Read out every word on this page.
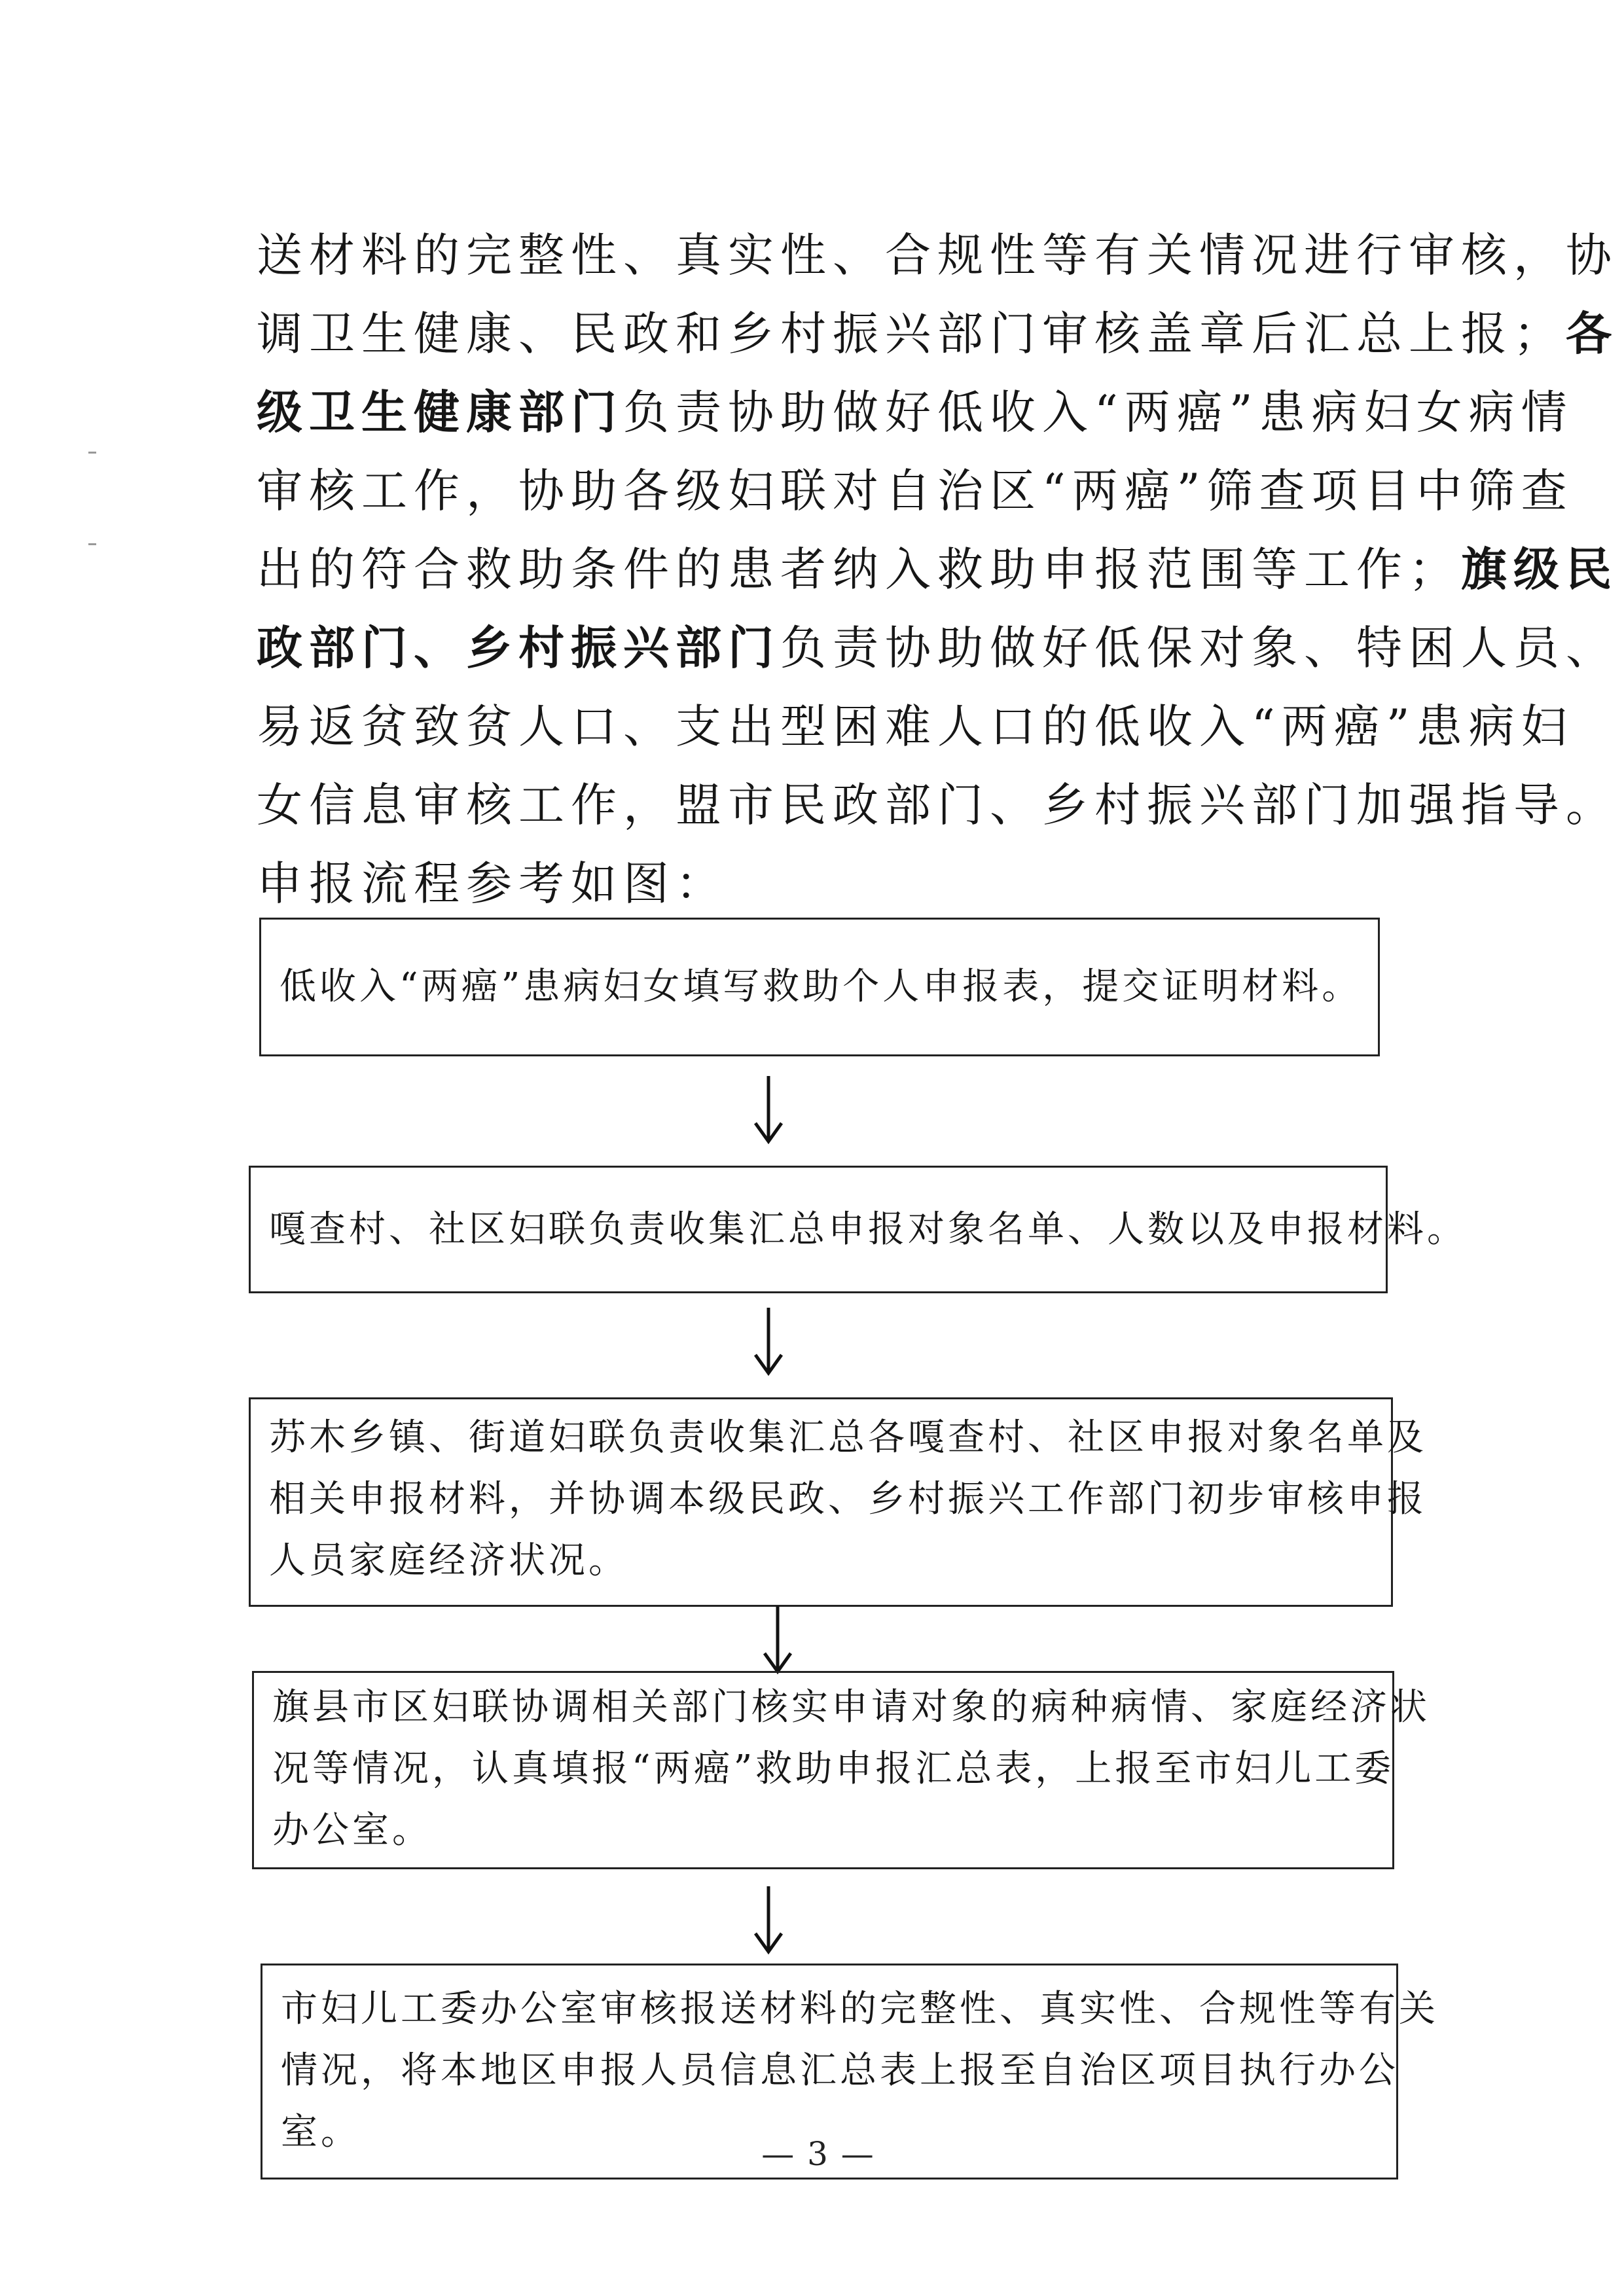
送材料的完整性、真实性、合规性等有关情况进行审核，协
调卫生健康、民政和乡村振兴部门审核盖章后汇总上报；各
级卫生健康部门负责协助做好低收入“两癌”患病妇女病情
审核工作，协助各级妇联对自治区“两癌”筛查项目中筛查
出的符合救助条件的患者纳入救助申报范围等工作；旗级民
政部门、乡村振兴部门负责协助做好低保对象、特困人员、
易返贫致贫人口、支出型困难人口的低收入“两癌”患病妇
女信息审核工作，盟市民政部门、乡村振兴部门加强指导。
申报流程参考如图：
低收入“两癌”患病妇女填写救助个人申报表，提交证明材料。
嘎查村、社区妇联负责收集汇总申报对象名单、人数以及申报材料。
苏木乡镇、街道妇联负责收集汇总各嘎查村、社区申报对象名单及
相关申报材料，并协调本级民政、乡村振兴工作部门初步审核申报
人员家庭经济状况。
旗县市区妇联协调相关部门核实申请对象的病种病情、家庭经济状
况等情况，认真填报“两癌”救助申报汇总表，上报至市妇儿工委
办公室。
市妇儿工委办公室审核报送材料的完整性、真实性、合规性等有关
情况，将本地区申报人员信息汇总表上报至自治区项目执行办公
室。
— 3 —
